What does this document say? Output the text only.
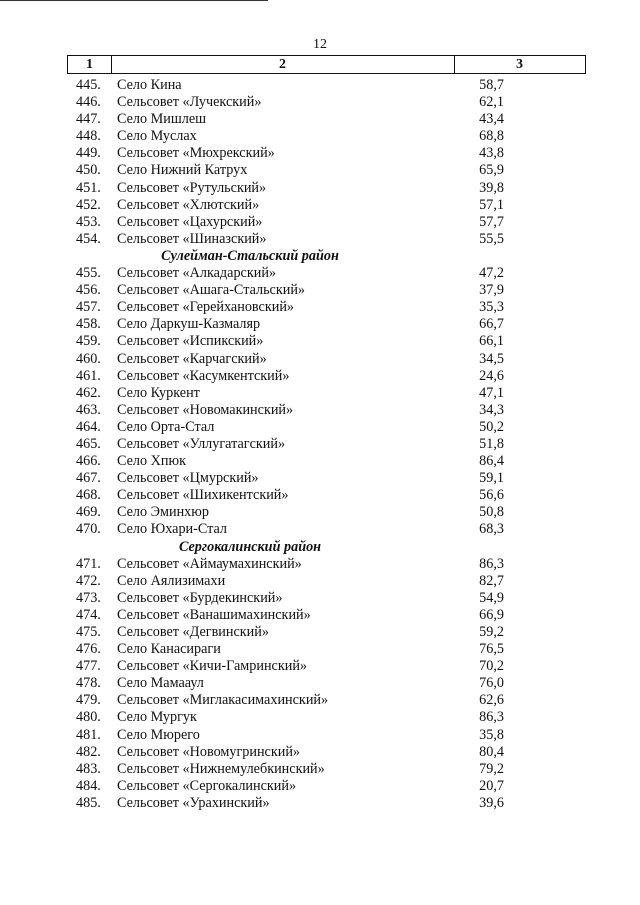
12
1	2	3
445. Село Кина	58,7
446. Сельсовет «Лучекский»	62,1
447. Село Мишлеш	43,4
448. Село Муслах	68,8
449. Сельсовет «Мюхрекский»	43,8
450. Село Нижний Катрух	65,9
451. Сельсовет «Рутульский»	39,8
452. Сельсовет «Хлютский»	57,1
453. Сельсовет «Цахурский»	57,7
454. Сельсовет «Шиназский»	55,5
Сулейман-Стальский район
455. Сельсовет «Алкадарский»	47,2
456. Сельсовет «Ашага-Стальский»	37,9
457. Сельсовет «Герейхановский»	35,3
458. Село Даркуш-Казмаляр	66,7
459. Сельсовет «Испикский»	66,1
460. Сельсовет «Карчагский»	34,5
461. Сельсовет «Касумкентский»	24,6
462. Село Куркент	47,1
463. Сельсовет «Новомакинский»	34,3
464. Село Орта-Стал	50,2
465. Сельсовет «Уллугатагский»	51,8
466. Село Хпюк	86,4
467. Сельсовет «Цмурский»	59,1
468. Сельсовет «Шихикентский»	56,6
469. Село Эминхюр	50,8
470. Село Юхари-Стал	68,3
Сергокалинский район
471. Сельсовет «Аймаумахинский»	86,3
472. Село Аялизимахи	82,7
473. Сельсовет «Бурдекинский»	54,9
474. Сельсовет «Ванашимахинский»	66,9
475. Сельсовет «Дегвинский»	59,2
476. Село Канасираги	76,5
477. Сельсовет «Кичи-Гамринский»	70,2
478. Село Мамааул	76,0
479. Сельсовет «Миглакасимахинский»	62,6
480. Село Мургук	86,3
481. Село Мюрего	35,8
482. Сельсовет «Новомугринский»	80,4
483. Сельсовет «Нижнемулебкинский»	79,2
484. Сельсовет «Сергокалинский»	20,7
485. Сельсовет «Урахинский»	39,6
